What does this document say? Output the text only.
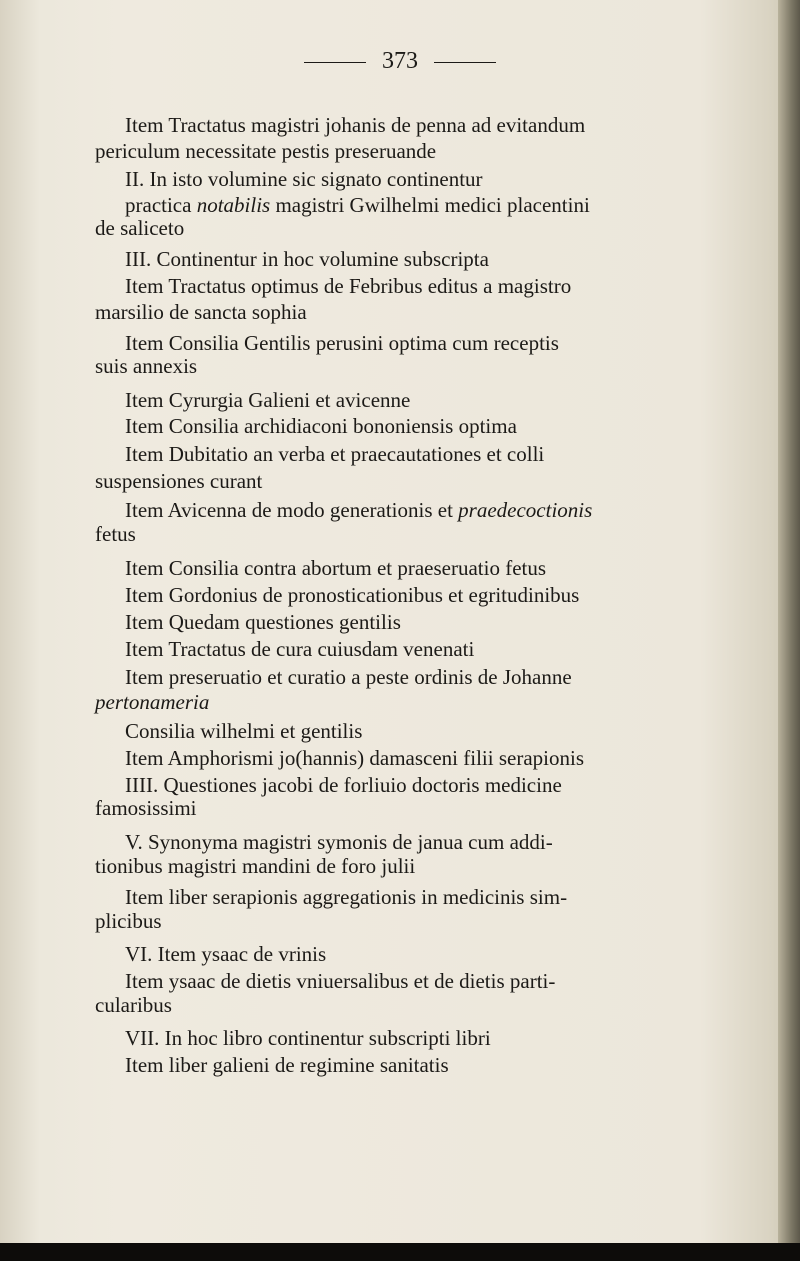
373
Item Tractatus magistri johanis de penna ad evitandum
periculum necessitate pestis preseruande
II. In isto volumine sic signato continentur
practica notabilis magistri Gwilhelmi medici placentini
de saliceto
III. Continentur in hoc volumine subscripta
Item Tractatus optimus de Febribus editus a magistro
marsilio de sancta sophia
Item Consilia Gentilis perusini optima cum receptis
suis annexis
Item Cyrurgia Galieni et avicenne
Item Consilia archidiaconi bononiensis optima
Item Dubitatio an verba et praecautationes et colli
suspensiones curant
Item Avicenna de modo generationis et praedecoctionis
fetus
Item Consilia contra abortum et praeseruatio fetus
Item Gordonius de pronosticationibus et egritudinibus
Item Quedam questiones gentilis
Item Tractatus de cura cuiusdam venenati
Item preseruatio et curatio a peste ordinis de Johanne
pertonameria
Consilia wilhelmi et gentilis
Item Amphorismi jo(hannis) damasceni filii serapionis
IIII. Questiones jacobi de forliuio doctoris medicine
famosissimi
V. Synonyma magistri symonis de janua cum addi-
tionibus magistri mandini de foro julii
Item liber serapionis aggregationis in medicinis sim-
plicibus
VI. Item ysaac de vrinis
Item ysaac de dietis vniuersalibus et de dietis parti-
cularibus
VII. In hoc libro continentur subscripti libri
Item liber galieni de regimine sanitatis
